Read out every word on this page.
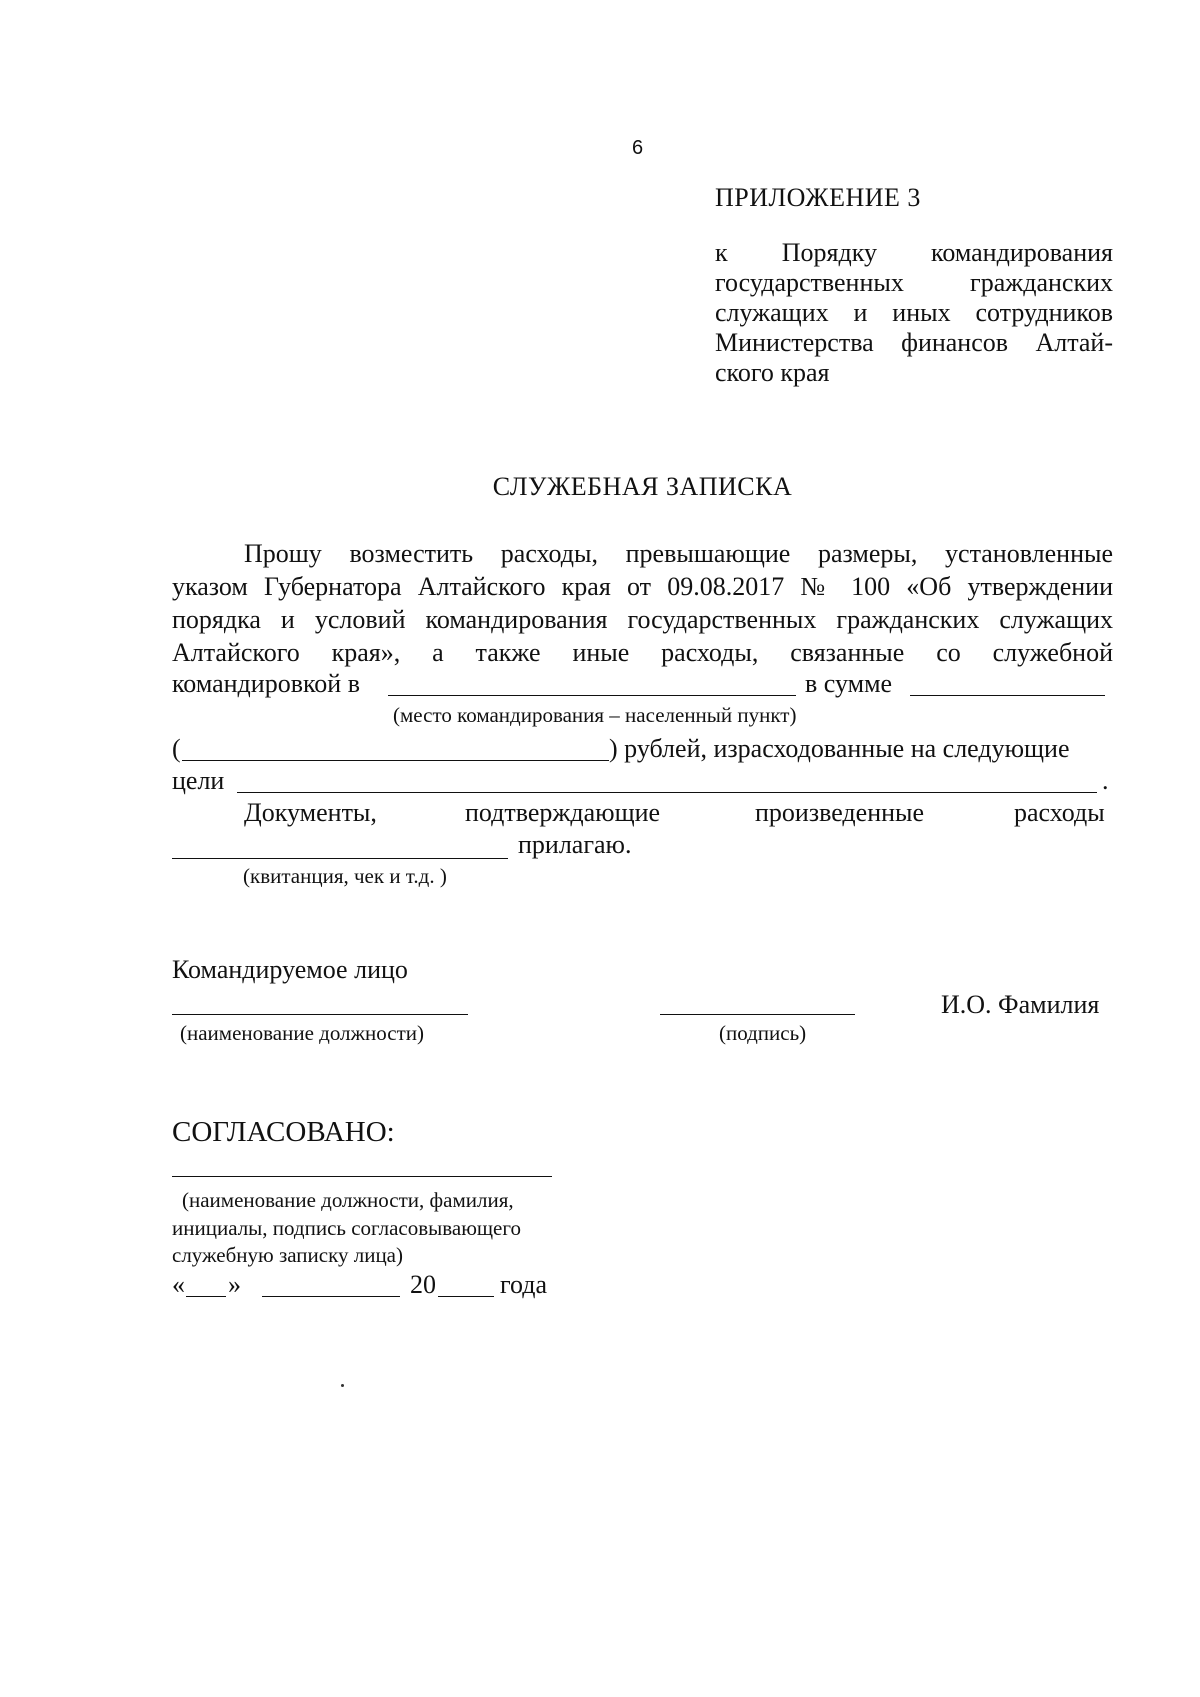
6
ПРИЛОЖЕНИЕ 3
к Порядку командирования
государственных гражданских
служащих и иных сотрудников
Министерства финансов Алтай-
ского края
СЛУЖЕБНАЯ ЗАПИСКА
Прошу возместить расходы, превышающие размеры, установленные
указом Губернатора Алтайского края от 09.08.2017 № 100 «Об утверждении
порядка и условий командирования государственных гражданских служащих
Алтайского края», а также иные расходы, связанные со служебной
командировкой в	в сумме
(место командирования – населенный пункт)
(	) рублей, израсходованные на следующие
цели	.
Документы,	подтверждающие	произведенные	расходы
прилагаю.
(квитанция, чек и т.д. )
Командируемое лицо
И.О. Фамилия
(наименование должности)	(подпись)
СОГЛАСОВАНО:
(наименование должности, фамилия,
инициалы, подпись согласовывающего
служебную записку лица)
« »	20 года
